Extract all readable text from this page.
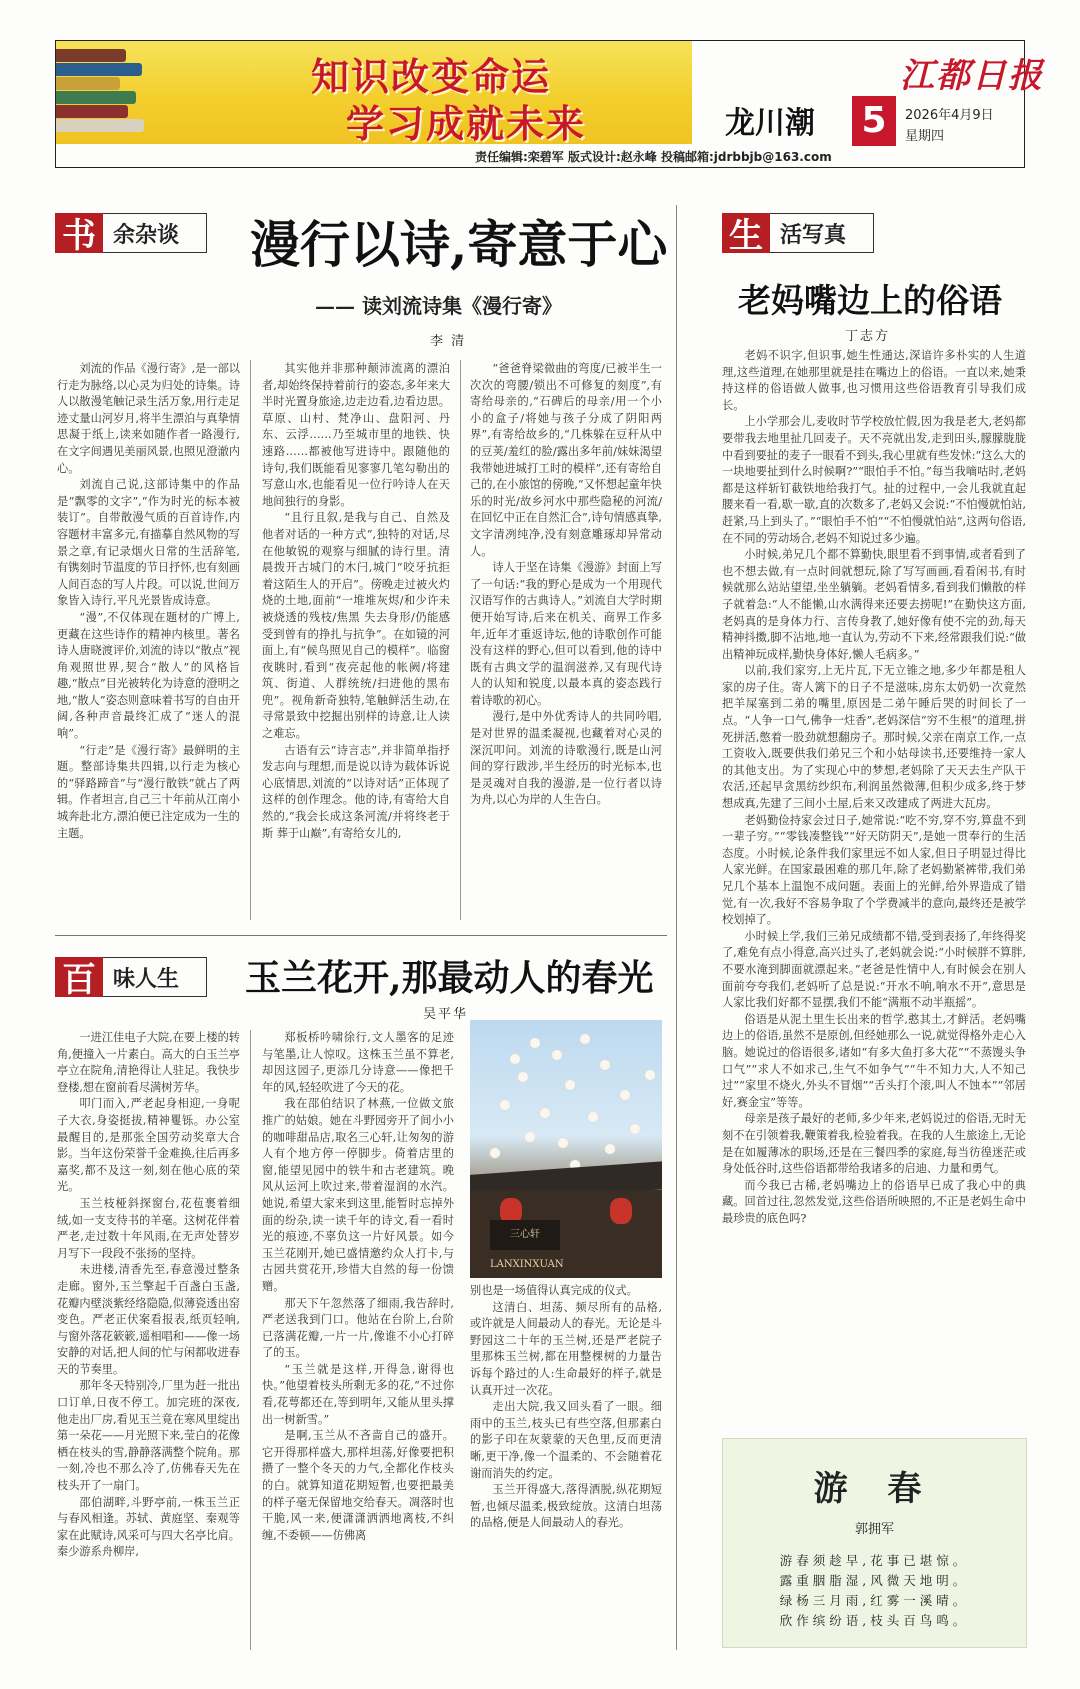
知识改变命运
学习成就未来	龙川潮
江都日报
5	2026年4月9日
星期四
责任编辑:栾碧军 版式设计:赵永峰 投稿邮箱:jdrbbjb@163.com
书 余杂谈 漫行以诗,寄意于心
—— 读刘流诗集《漫行寄》
李 清

刘流的作品《漫行寄》,是一部以行走为脉络,以心灵为归处的诗集。诗人以散漫笔触记录生活万象,用行走足迹丈量山河岁月,将半生漂泊与真挚情思凝于纸上,读来如随作者一路漫行,在文字间遇见美丽风景,也照见澄澈内心。

刘流自己说,这部诗集中的作品是“飘零的文字”,“作为时光的标本被装订”。自带散漫气质的百首诗作,内容题材丰富多元,有描摹自然风物的写景之章,有记录烟火日常的生活辞笔,有镌刻时节温度的节日抒怀,也有刻画人间百态的写人片段。可以说,世间万象皆入诗行,平凡光景皆成诗意。

“漫”,不仅体现在题材的广博上,更藏在这些诗作的精神内核里。著名诗人唐晓渡评价,刘流的诗以“散点”视角观照世界,契合“散人”的风格旨趣,“散点”目光被转化为诗意的澄明之地,“散人”姿态则意味着书写的自由开阔,各种声音最终汇成了“迷人的混响”。

“行走”是《漫行寄》最鲜明的主题。整部诗集共四辑,以行走为核心的“驿路蹄音”与“漫行散铁”就占了两辑。作者坦言,自己三十年前从江南小城奔赴北方,漂泊便已注定成为一生的主题。

其实他并非那种颠沛流离的漂泊者,却始终保持着前行的姿态,多年来大半时光置身旅途,边走边看,边看边思。草原、山村、梵净山、盘阳河、丹东、云浮……乃至城市里的地铁、快速路……都被他写进诗中。跟随他的诗句,我们既能看见寥寥几笔勾勒出的写意山水,也能看见一位行吟诗人在天地间独行的身影。

“且行且叙,是我与自己、自然及他者对话的一种方式”,独特的对话,尽在他敏锐的观察与细腻的诗行里。清晨拨开古城门的木闩,城门“咬牙抗拒着这陌生人的开启”。傍晚走过被火灼烧的土地,面前“一堆堆灰烬/和少许未被烧透的残枝/焦黑 失去身形/仍能感受到曾有的挣扎与抗争”。在如镜的河面上,有“候鸟照见自己的模样”。临窗夜眺时,看到“夜亮起他的帐阙/将建筑、街道、人群统统/扫进他的黑布兜”。视角新奇独特,笔触鲜活生动,在寻常景致中挖掘出别样的诗意,让人读之难忘。

古语有云“诗言志”,并非简单指抒发志向与理想,而是说以诗为载体诉说心底情思,刘流的“以诗对话”正体现了这样的创作理念。他的诗,有寄给大自然的,“我会长成这条河流/并将终老于斯 葬于山巅”,有寄给女儿的,

“爸爸脊梁微曲的弯度/已被半生一次次的弯腰/锁出不可修复的刻度”,有寄给母亲的,“石碑后的母亲/用一个小小的盒子/将她与孩子分成了阴阳两界”,有寄给故乡的,“几株躲在豆秆从中的豆荚/羞红的脸/露出多年前/妹妹渴望我带她进城打工时的模样”,还有寄给自己的,在小旅馆的傍晚,“又怀想起童年快乐的时光/故乡河水中那些隐秘的河流/在回忆中正在自然汇合”,诗句情感真挚,文字清冽纯净,没有刻意雕琢却异常动人。

诗人于坚在诗集《漫游》封面上写了一句话:“我的野心是成为一个用现代汉语写作的古典诗人。”刘流自大学时期便开始写诗,后来在机关、商界工作多年,近年才重返诗坛,他的诗歌创作可能没有这样的野心,但可以看到,他的诗中既有古典文学的温润滋养,又有现代诗人的认知和锐度,以最本真的姿态践行着诗歌的初心。

漫行,是中外优秀诗人的共同吟唱,是对世界的温柔凝视,也藏着对心灵的深沉叩问。刘流的诗歌漫行,既是山河间的穿行跋涉,半生经历的时光标本,也是灵魂对自我的漫游,是一位行者以诗为舟,以心为岸的人生告白。

百 味人生 玉兰花开,那最动人的春光
吴平华

一进江佳电子大院,在要上楼的转角,便撞入一片素白。高大的白玉兰亭亭立在院角,清艳得让人驻足。我快步登楼,想在窗前看尽满树芳华。

叩门而入,严老起身相迎,一身呢子大衣,身姿挺拔,精神矍铄。办公室最醒目的,是那张全国劳动奖章大合影。当年这份荣誉千金难换,往后再多嘉奖,都不及这一刻,刻在他心底的荣光。

玉兰枝桠斜探窗台,花苞裹着细绒,如一支支待书的羊毫。这树花伴着严老,走过数十年风雨,在无声处替岁月写下一段段不张扬的坚持。

未进楼,清香先至,春意漫过整条走廊。窗外,玉兰擎起千百盏白玉盏,花瓣内壁淡紫经络隐隐,似薄瓷透出窑变色。严老正伏案看报表,纸页轻响,与窗外落花簌簌,遥相唱和——像一场安静的对话,把人间的忙与闲都收进春天的节奏里。

那年冬天特别冷,厂里为赶一批出口订单,日夜不停工。加完班的深夜,他走出厂房,看见玉兰竟在寒风里绽出第一朵花——月光照下来,莹白的花像栖在枝头的雪,静静落满整个院角。那一刻,冷也不那么冷了,仿佛春天先在枝头开了一扇门。

邵伯湖畔,斗野亭前,一株玉兰正与春风相逢。苏轼、黄庭坚、秦观等家在此赋诗,风采可与四大名亭比肩。秦少游系舟柳岸,

郑板桥吟啸徐行,文人墨客的足迹与笔墨,让人惊叹。这株玉兰虽不算老,却因这园子,更添几分诗意——像把千年的风,轻轻吹进了今天的花。

我在邵伯结识了林燕,一位做文旅推广的姑娘。她在斗野园旁开了间小小的咖啡甜品店,取名三心轩,让匆匆的游人有个地方停一停脚步。倚着店里的窗,能望见园中的铁牛和古老建筑。晚风从运河上吹过来,带着湿润的水汽。她说,希望大家来到这里,能暂时忘掉外面的纷杂,读一读千年的诗文,看一看时光的痕迹,不辜负这一片好风景。如今玉兰花刚开,她已盛情邀约众人打卡,与古园共赏花开,珍惜大自然的每一份馈赠。

那天下午忽然落了细雨,我告辞时,严老送我到门口。他站在台阶上,台阶已落满花瓣,一片一片,像谁不小心打碎了的玉。

“玉兰就是这样,开得急,谢得也快。”他望着枝头所剩无多的花,“不过你看,花萼都还在,等到明年,又能从里头撑出一树新雪。”

是啊,玉兰从不吝啬自己的盛开。它开得那样盛大,那样坦荡,好像要把积攒了一整个冬天的力气,全都化作枝头的白。就算知道花期短暂,也要把最美的样子毫无保留地交给春天。凋落时也干脆,风一来,便潇潇洒洒地离枝,不纠缠,不委顿——仿佛离

三心轩 LANXINXUAN
别也是一场值得认真完成的仪式。

这清白、坦荡、频尽所有的品格,或许就是人间最动人的春光。无论是斗野园这二十年的玉兰树,还是严老院子里那株玉兰树,都在用整棵树的力量告诉每个路过的人:生命最好的样子,就是认真开过一次花。

走出大院,我又回头看了一眼。细雨中的玉兰,枝头已有些空落,但那素白的影子印在灰蒙蒙的天色里,反而更清晰,更干净,像一个温柔的、不会随着花谢而消失的约定。

玉兰开得盛大,落得洒脱,纵花期短暂,也倾尽温柔,极致绽放。这清白坦荡的品格,便是人间最动人的春光。

生 活写真
老妈嘴边上的俗语
丁志方

老妈不识字,但识事,她生性通达,深谙许多朴实的人生道理,这些道理,在她那里就是挂在嘴边上的俗语。一直以来,她秉持这样的俗语做人做事,也习惯用这些俗语教育引导我们成长。

上小学那会儿,麦收时节学校放忙假,因为我是老大,老妈都要带我去地里扯几回麦子。天不亮就出发,走到田头,朦朦胧胧中看到要扯的麦子一眼看不到头,我心里就有些发怵:“这么大的一块地要扯到什么时候啊?”“眼怕手不怕。”每当我嘀咕时,老妈都是这样斩钉截铁地给我打气。扯的过程中,一会儿我就直起腰来看一看,歇一歇,直的次数多了,老妈又会说:“不怕慢就怕站,赶紧,马上到头了。”“眼怕手不怕”“不怕慢就怕站”,这两句俗语,在不同的劳动场合,老妈不知说过多少遍。

小时候,弟兄几个都不算勤快,眼里看不到事情,或者看到了也不想去做,有一点时间就想玩,除了写写画画,看看闲书,有时候就那么站站望望,坐坐躺躺。老妈看情多,看到我们懒散的样子就着急:“人不能懒,山水满得来还要去捞呢!”在勤快这方面,老妈真的是身体力行、言传身教了,她好像有使不完的劲,每天精神抖擞,脚不沾地,地一直认为,劳动不下来,经常跟我们说:“做出精神玩成样,勤快身体好,懒人毛病多。”

以前,我们家穷,上无片瓦,下无立锥之地,多少年都是租人家的房子住。寄人篱下的日子不是滋味,房东太奶奶一次竟然把羊屎塞到二弟的嘴里,原因是二弟午睡后哭的时间长了一点。“人争一口气,佛争一炷香”,老妈深信“穷不生根”的道理,拼死拼活,憋着一股劲就想翻房子。那时候,父亲在南京工作,一点工资收入,既要供我们弟兄三个和小姑母读书,还要维持一家人的其他支出。为了实现心中的梦想,老妈除了天天去生产队干农活,还起早贪黑纺纱织布,利润虽然微薄,但积少成多,终于梦想成真,先建了三间小土屋,后来又改建成了两进大瓦房。

老妈勤俭持家会过日子,她常说:“吃不穷,穿不穷,算盘不到一辈子穷。”“零钱凑整钱”“好天防阴天”,是她一贯奉行的生活态度。小时候,论条件我们家里远不如人家,但日子明显过得比人家光鲜。在国家最困难的那几年,除了老妈勤紧裤带,我们弟兄几个基本上温饱不成问题。表面上的光鲜,给外界造成了错觉,有一次,我好不容易争取了个学费减半的意向,最终还是被学校划掉了。

小时候上学,我们三弟兄成绩都不错,受到表扬了,年终得奖了,难免有点小得意,高兴过头了,老妈就会说:“小时候胖不算胖,不要水淹到脚面就漂起来。”老爸是性情中人,有时候会在别人面前夸夸我们,老妈听了总是说:“开水不响,响水不开”,意思是人家比我们好都不显摆,我们不能“满瓶不动半瓶摇”。

俗语是从泥土里生长出来的哲学,憨其土,才鲜活。老妈嘴边上的俗语,虽然不是原创,但经她那么一说,就觉得格外走心入脑。她说过的俗语很多,诸如“有多大鱼打多大花”“不蒸馒头争口气”“求人不如求己,生气不如争气”“牛不知力大,人不知己过”“家里不烧火,外头不冒烟”“舌头打个滚,叫人不蚀本”“邻居好,赛金宝”等等。

母亲是孩子最好的老师,多少年来,老妈说过的俗语,无时无刻不在引领着我,鞭策着我,检验着我。在我的人生旅途上,无论是在如履薄冰的职场,还是在三餐四季的家庭,每当彷徨迷茫或身处低谷时,这些俗语都带给我诸多的启迪、力量和勇气。

而今我已古稀,老妈嘴边上的俗语早已成了我心中的典藏。回首过往,忽然发觉,这些俗语所映照的,不正是老妈生命中最珍贵的底色吗?

游 春
郭拥军
游春须趁早,花事已堪惊。
露重胭脂湿,风微天地明。
绿杨三月雨,红雾一溪晴。
欣作缤纷语,枝头百鸟鸣。
